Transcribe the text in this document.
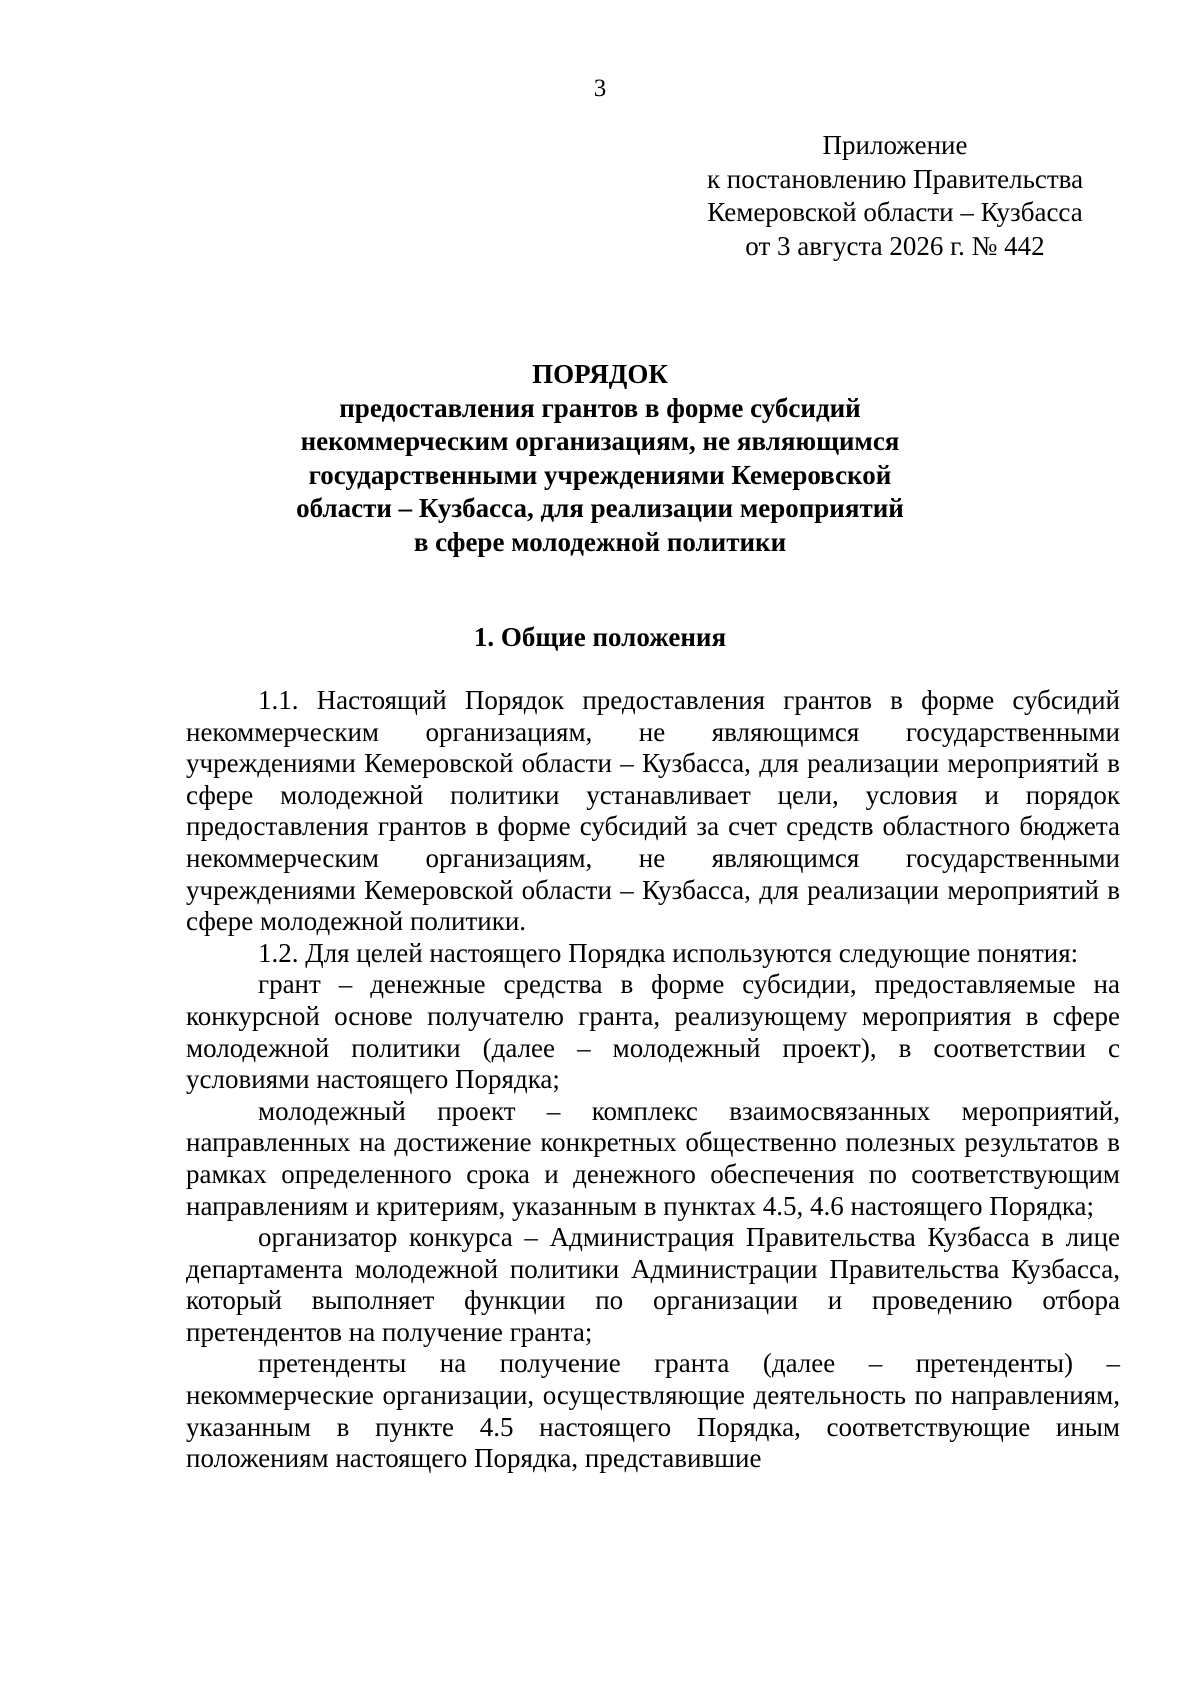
3
Приложение
к постановлению Правительства
Кемеровской области – Кузбасса
от 3 августа 2026 г. № 442
ПОРЯДОК
предоставления грантов в форме субсидий
некоммерческим организациям, не являющимся
государственными учреждениями Кемеровской
области – Кузбасса, для реализации мероприятий
в сфере молодежной политики
1. Общие положения

1.1. Настоящий Порядок предоставления грантов в форме субсидий некоммерческим организациям, не являющимся государственными учреждениями Кемеровской области – Кузбасса, для реализации мероприятий в сфере молодежной политики устанавливает цели, условия и порядок предоставления грантов в форме субсидий за счет средств областного бюджета некоммерческим организациям, не являющимся государственными учреждениями Кемеровской области – Кузбасса, для реализации мероприятий в сфере молодежной политики.

1.2. Для целей настоящего Порядка используются следующие понятия:

грант – денежные средства в форме субсидии, предоставляемые на конкурсной основе получателю гранта, реализующему мероприятия в сфере молодежной политики (далее – молодежный проект), в соответствии с условиями настоящего Порядка;

молодежный проект – комплекс взаимосвязанных мероприятий, направленных на достижение конкретных общественно полезных результатов в рамках определенного срока и денежного обеспечения по соответствующим направлениям и критериям, указанным в пунктах 4.5, 4.6 настоящего Порядка;

организатор конкурса – Администрация Правительства Кузбасса в лице департамента молодежной политики Администрации Правительства Кузбасса, который выполняет функции по организации и проведению отбора претендентов на получение гранта;

претенденты на получение гранта (далее – претенденты) – некоммерческие организации, осуществляющие деятельность по направлениям, указанным в пункте 4.5 настоящего Порядка, соответствующие иным положениям настоящего Порядка, представившие
